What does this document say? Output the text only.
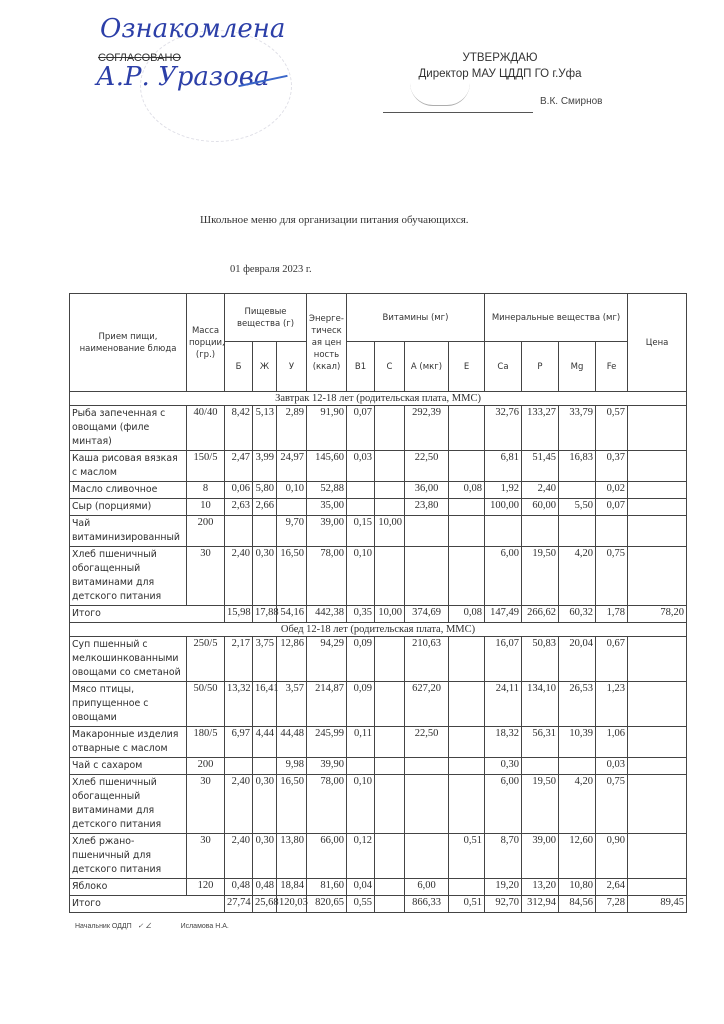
Ознакомлена
СОГЛАСОВАНО
А.Р. Уразова
УТВЕРЖДАЮ
Директор МАУ ЦДДП ГО г.Уфа
В.К. Смирнов
Школьное меню для организации питания обучающихся.
01 февраля 2023 г.
Прием пищи, наименование блюда	Масса порции, (гр.)	Пищевые вещества (г)			Энерге-тическая ценность (ккал)	Витамины (мг)				Минеральные вещества (мг)				Цена
		Б	Ж	У		B1	C	A (мкг)	E	Ca	P	Mg	Fe	
Завтрак 12-18 лет (родительская плата, ММС)														
Рыба запеченная с овощами (филе минтая)	40/40	8,42	5,13	2,89	91,90	0,07		292,39		32,76	133,27	33,79	0,57	
Каша рисовая вязкая с маслом	150/5	2,47	3,99	24,97	145,60	0,03		22,50		6,81	51,45	16,83	0,37	
Масло сливочное	8	0,06	5,80	0,10	52,88			36,00	0,08	1,92	2,40		0,02	
Сыр (порциями)	10	2,63	2,66		35,00			23,80		100,00	60,00	5,50	0,07	
Чай витаминизированный	200			9,70	39,00	0,15	10,00							
Хлеб пшеничный обогащенный витаминами для детского питания	30	2,40	0,30	16,50	78,00	0,10				6,00	19,50	4,20	0,75	
Итого		15,98	17,88	54,16	442,38	0,35	10,00	374,69	0,08	147,49	266,62	60,32	1,78	78,20
Обед 12-18 лет (родительская плата, ММС)														
Суп пшенный с мелкошинкованными овощами со сметаной	250/5	2,17	3,75	12,86	94,29	0,09		210,63		16,07	50,83	20,04	0,67	
Мясо птицы, припущенное с овощами	50/50	13,32	16,41	3,57	214,87	0,09		627,20		24,11	134,10	26,53	1,23	
Макаронные изделия отварные с маслом	180/5	6,97	4,44	44,48	245,99	0,11		22,50		18,32	56,31	10,39	1,06	
Чай с сахаром	200			9,98	39,90					0,30			0,03	
Хлеб пшеничный обогащенный витаминами для детского питания	30	2,40	0,30	16,50	78,00	0,10				6,00	19,50	4,20	0,75	
Хлеб ржано-пшеничный для детского питания	30	2,40	0,30	13,80	66,00	0,12			0,51	8,70	39,00	12,60	0,90	
Яблоко	120	0,48	0,48	18,84	81,60	0,04		6,00		19,20	13,20	10,80	2,64	
Итого		27,74	25,68	120,03	820,65	0,55		866,33	0,51	92,70	312,94	84,56	7,28	89,45
Начальник ОДДП   ✓ ∠	Исламова Н.А.
